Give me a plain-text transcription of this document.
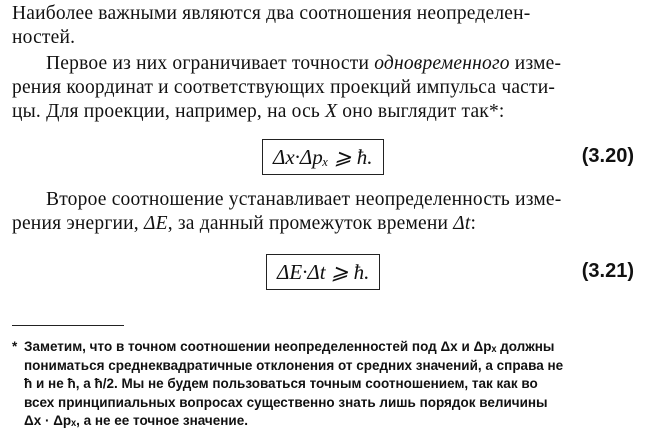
Наиболее важными являются два соотношения неопределен-
ностей.
Первое из них ограничивает точности одновременного изме-
рения координат и соответствующих проекций импульса части-
цы. Для проекции, например, на ось X оно выглядит так*:
Δx·Δpₓ ⩾ ħ.	(3.20)
Второе соотношение устанавливает неопределенность изме-
рения энергии, ΔE, за данный промежуток времени Δt:
ΔE·Δt ⩾ ħ.	(3.21)
* Заметим, что в точном соотношении неопределенностей под Δx и Δpₓ должны
пониматься среднеквадратичные отклонения от средних значений, а справа не
ħ и не ħ, а ħ/2. Мы не будем пользоваться точным соотношением, так как во
всех принципиальных вопросах существенно знать лишь порядок величины
Δx · Δpₓ, а не ее точное значение.
